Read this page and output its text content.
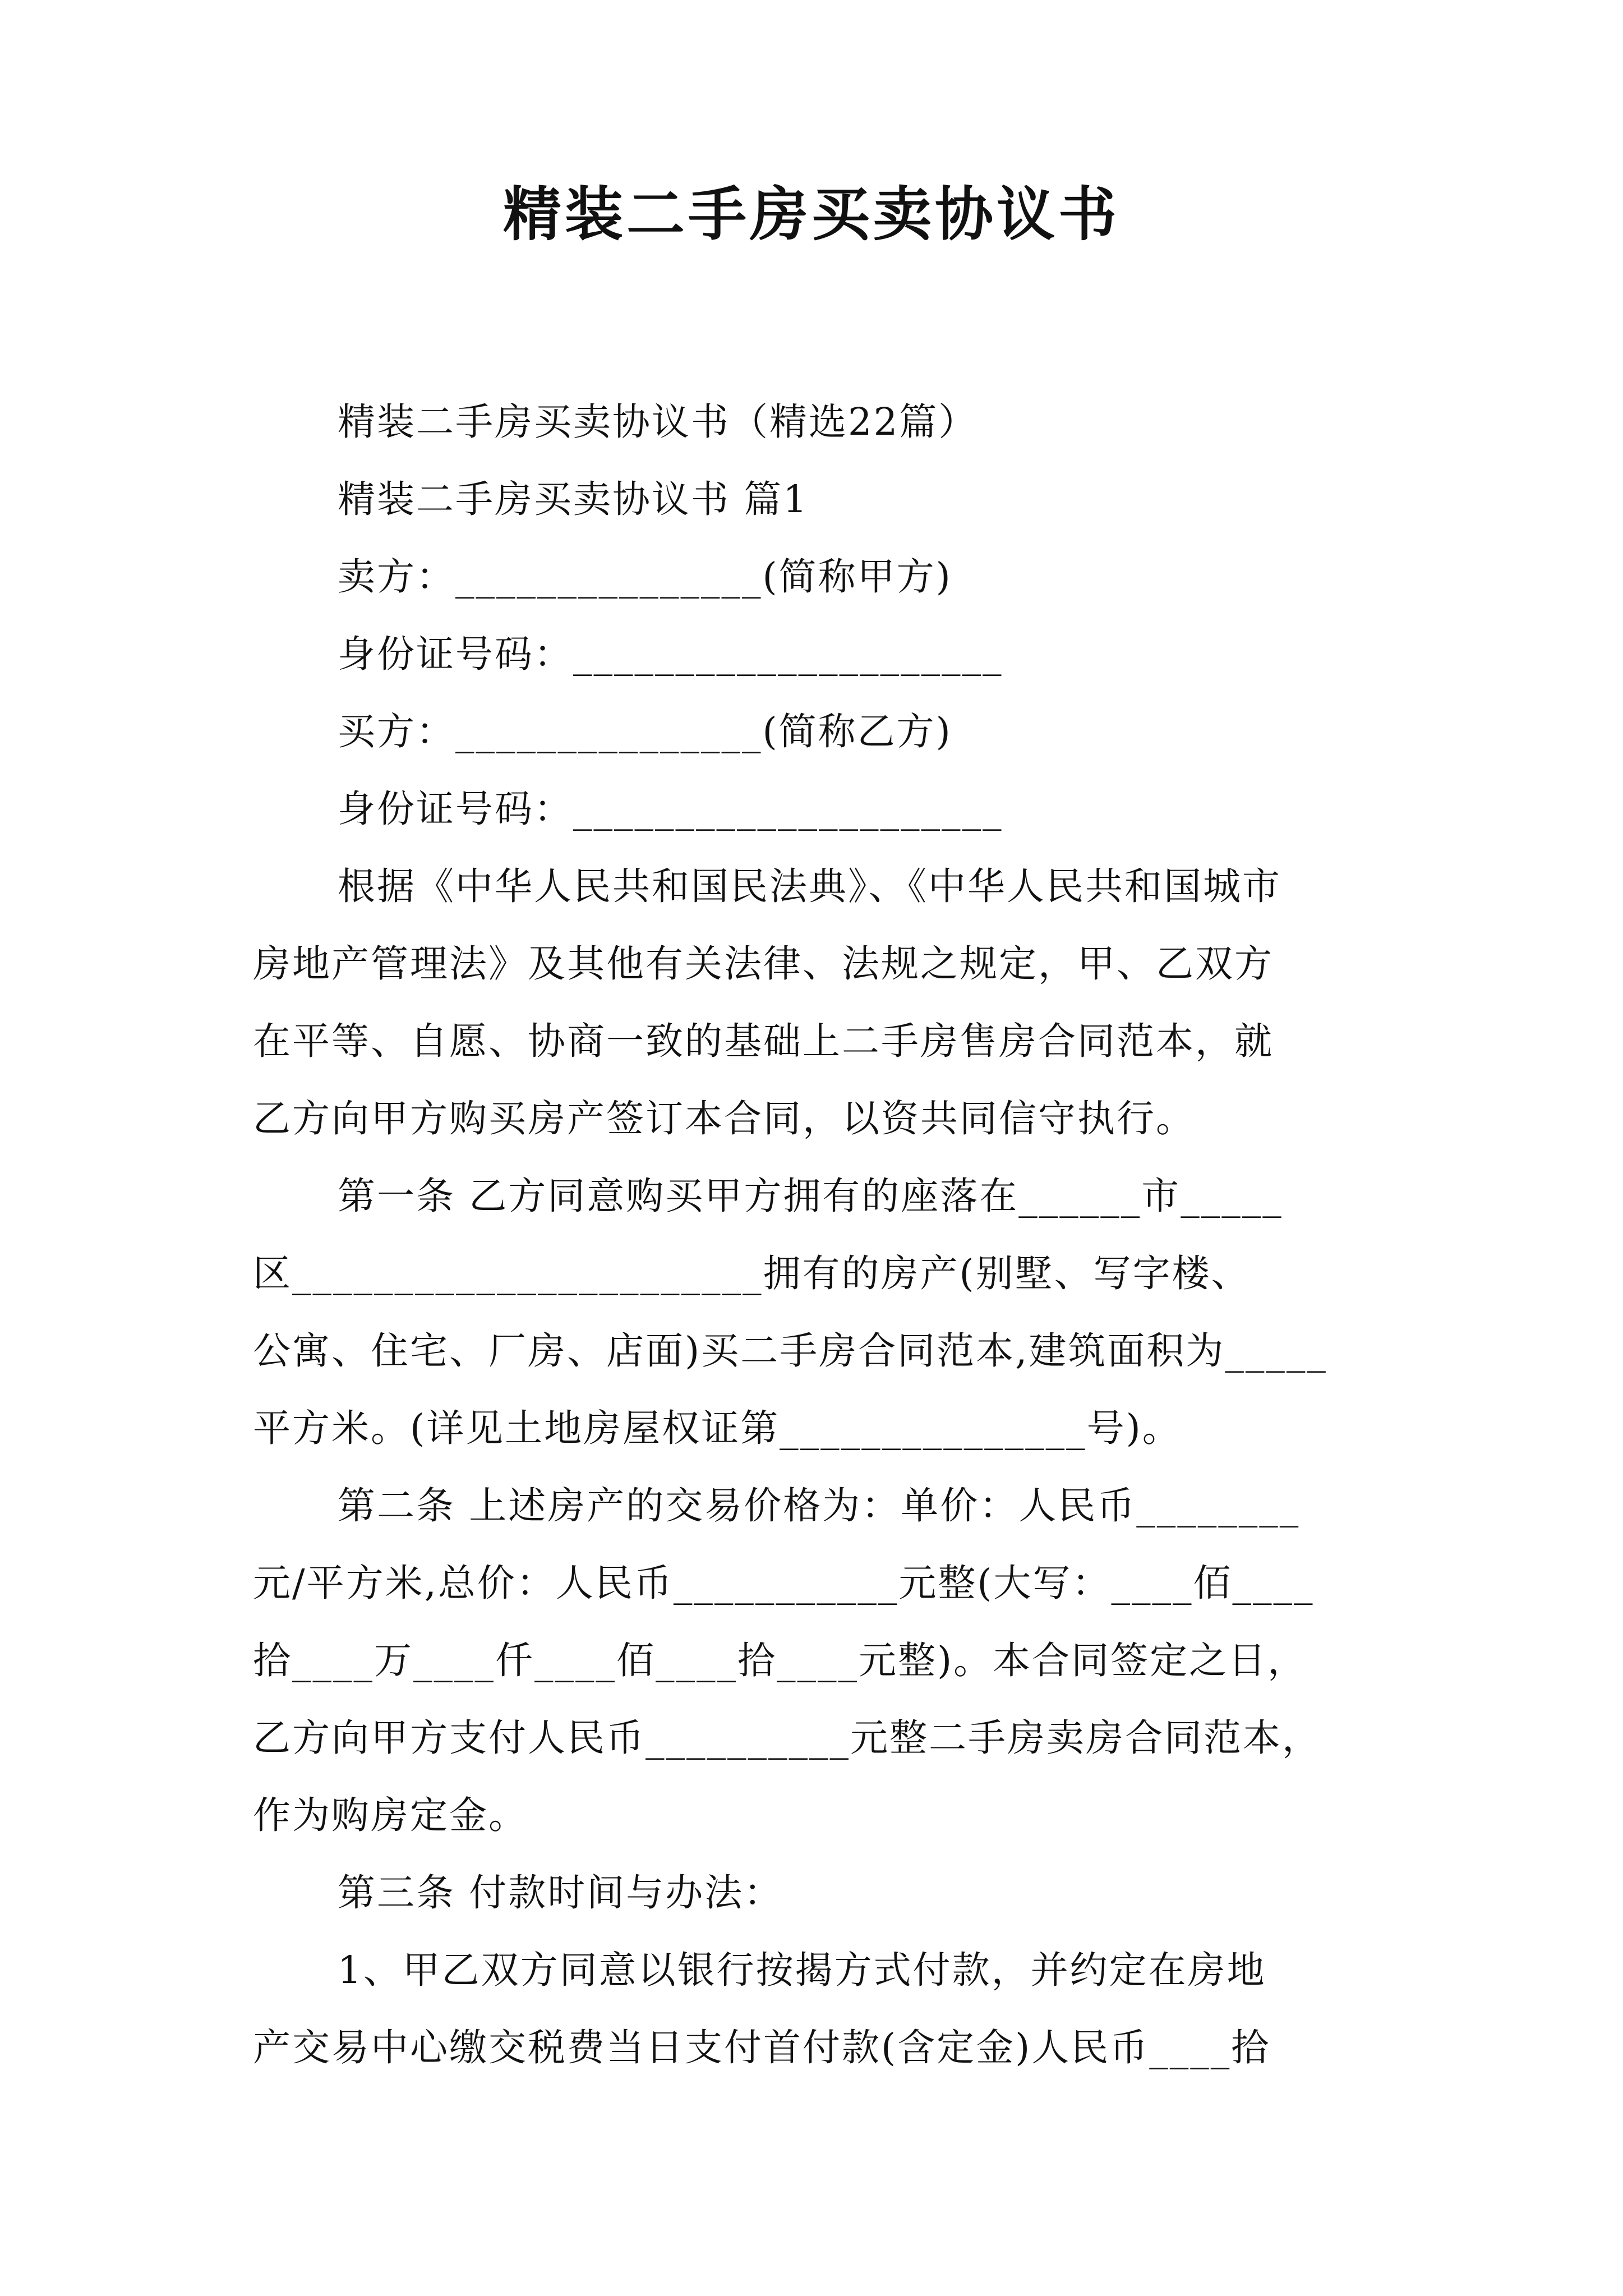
精装二手房买卖协议书

精装二手房买卖协议书（精选22篇）

精装二手房买卖协议书 篇1

卖方：_______________(简称甲方)

身份证号码：_____________________

买方：_______________(简称乙方)

身份证号码：_____________________

根据《中华人民共和国民法典》、《中华人民共和国城市

房地产管理法》及其他有关法律、法规之规定，甲、乙双方

在平等、自愿、协商一致的基础上二手房售房合同范本，就

乙方向甲方购买房产签订本合同，以资共同信守执行。

第一条 乙方同意购买甲方拥有的座落在______市_____

区_______________________拥有的房产(别墅、写字楼、

公寓、住宅、厂房、店面)买二手房合同范本,建筑面积为_____

平方米。(详见土地房屋权证第_______________号)。

第二条 上述房产的交易价格为：单价：人民币________

元/平方米,总价：人民币___________元整(大写：____佰____

拾____万____仟____佰____拾____元整)。本合同签定之日，

乙方向甲方支付人民币__________元整二手房卖房合同范本，

作为购房定金。

第三条 付款时间与办法：

1、甲乙双方同意以银行按揭方式付款，并约定在房地

产交易中心缴交税费当日支付首付款(含定金)人民币____拾
